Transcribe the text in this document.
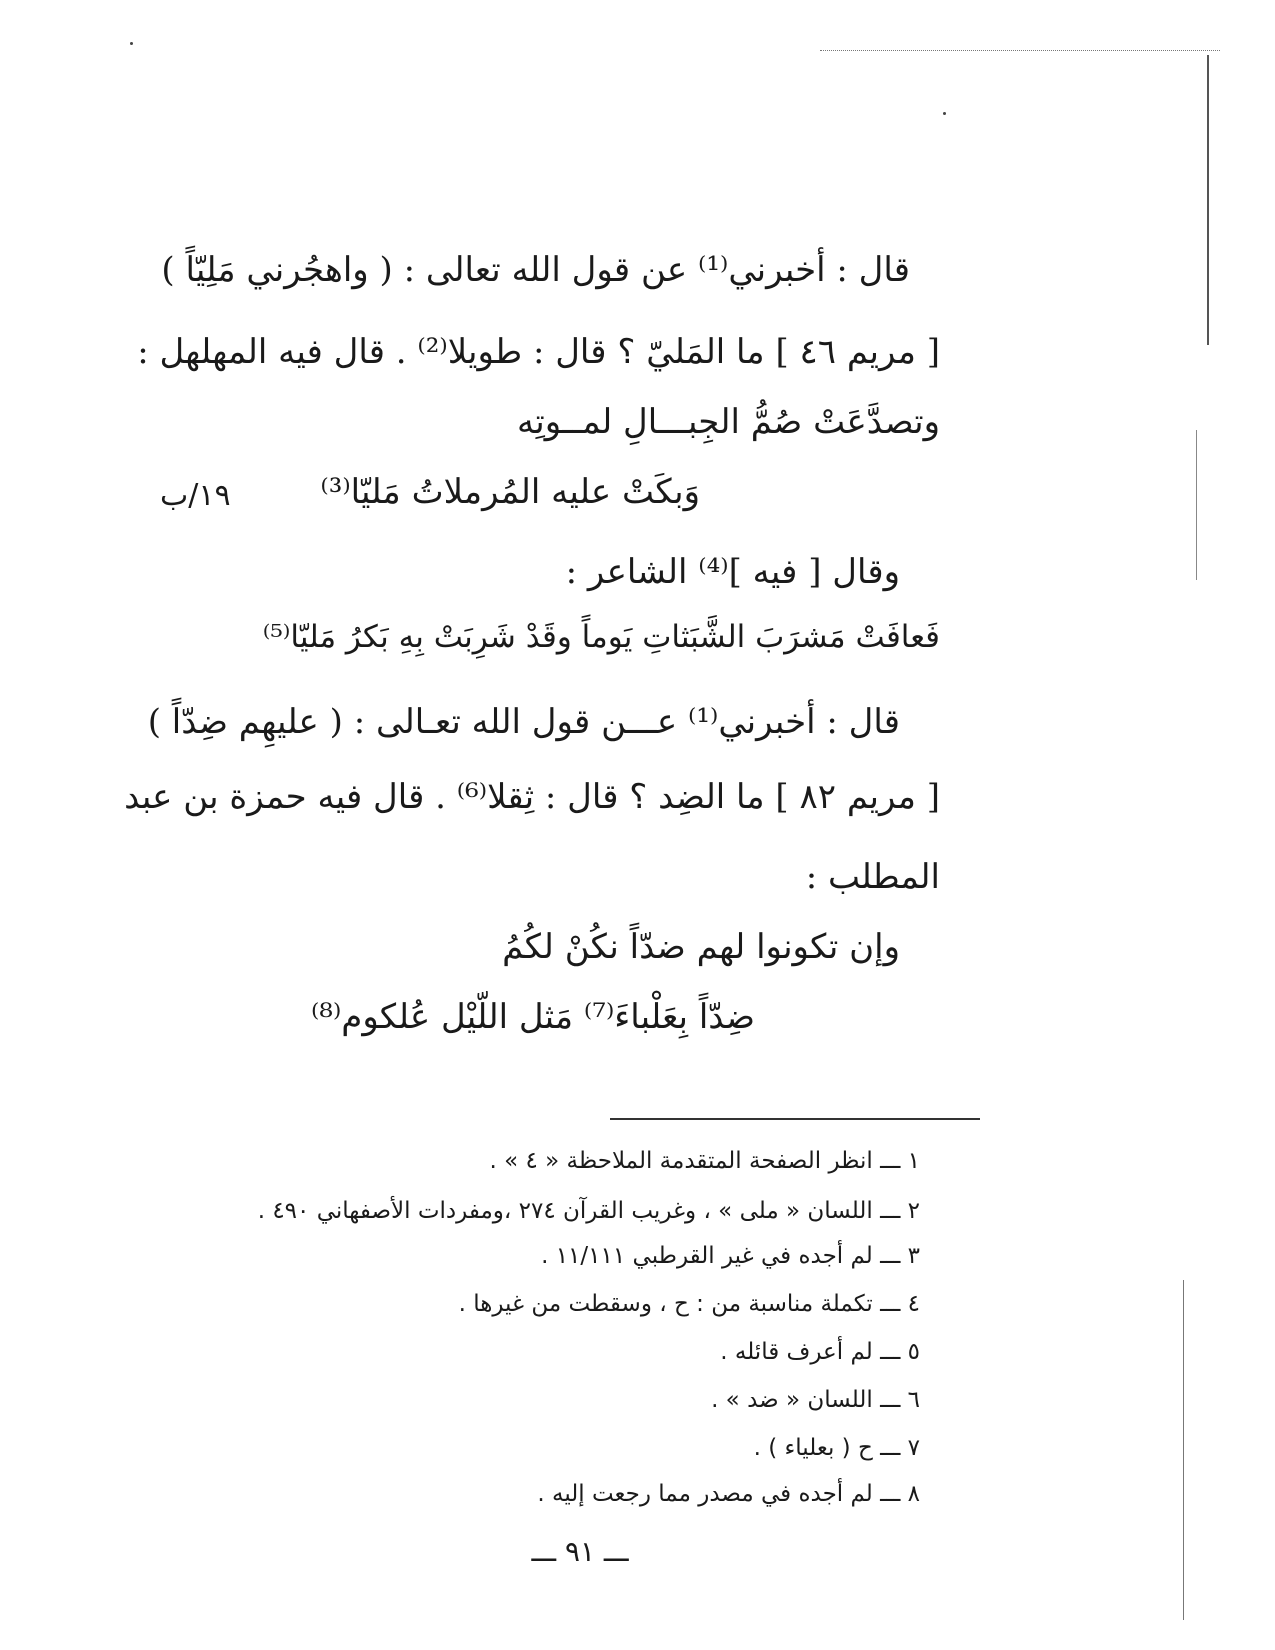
قال : أخبرني⁽¹⁾ عن قول الله تعالى : ( واهجُرني مَلِيّاً )
[ مريم ٤٦ ] ما المَليّ ؟ قال : طويلا⁽²⁾ . قال فيه المهلهل :
وتصدَّعَتْ صُمُّ الجِبـــالِ لمــوتِه
وَبكَتْ عليه المُرملاتُ مَليّا⁽³⁾
١٩/ب
وقال [ فيه ]⁽⁴⁾ الشاعر :
فَعافَتْ مَشرَبَ الشَّبَثاتِ يَوماً وقَدْ شَرِبَتْ بِهِ بَكرُ مَليّا⁽⁵⁾
قال : أخبرني⁽¹⁾ عـــن قول الله تعـالى : ( عليهِم ضِدّاً )
[ مريم ٨٢ ] ما الضِد ؟ قال : ثِقلا⁽⁶⁾ . قال فيه حمزة بن عبد
المطلب :
وإن تكونوا لهم ضدّاً نكُنْ لكُمُ
ضِدّاً بِعَلْباءَ⁽⁷⁾ مَثل اللّيْل عُلكوم⁽⁸⁾
١ ـــ انظر الصفحة المتقدمة الملاحظة « ٤ » .
٢ ـــ اللسان « ملى » ، وغريب القرآن ٢٧٤ ،ومفردات الأصفهاني ٤٩٠ .
٣ ـــ لم أجده في غير القرطبي ١١/١١١ .
٤ ـــ تكملة مناسبة من : ح ، وسقطت من غيرها .
٥ ـــ لم أعرف قائله .
٦ ـــ اللسان « ضد » .
٧ ـــ ح ( بعلياء ) .
٨ ـــ لم أجده في مصدر مما رجعت إليه .
ـــ ٩١ ـــ
